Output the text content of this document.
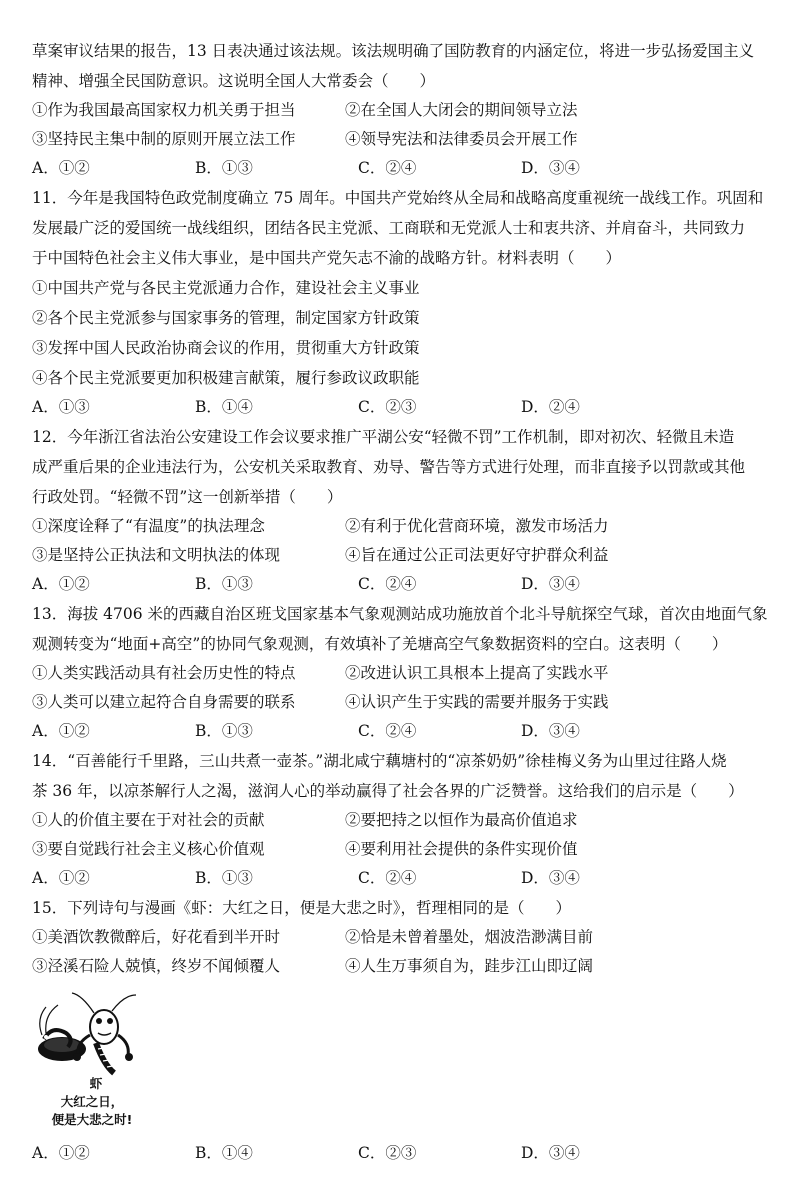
草案审议结果的报告，13 日表决通过该法规。该法规明确了国防教育的内涵定位，将进一步弘扬爱国主义

精神、增强全民国防意识。这说明全国人大常委会（　　）

①作为我国最高国家权力机关勇于担当	②在全国人大闭会的期间领导立法
③坚持民主集中制的原则开展立法工作	④领导宪法和法律委员会开展工作
A．①②	B．①③	C．②④	D．③④

11．今年是我国特色政党制度确立 75 周年。中国共产党始终从全局和战略高度重视统一战线工作。巩固和

发展最广泛的爱国统一战线组织，团结各民主党派、工商联和无党派人士和衷共济、并肩奋斗，共同致力

于中国特色社会主义伟大事业，是中国共产党矢志不渝的战略方针。材料表明（　　）

①中国共产党与各民主党派通力合作，建设社会主义事业

②各个民主党派参与国家事务的管理，制定国家方针政策

③发挥中国人民政治协商会议的作用，贯彻重大方针政策

④各个民主党派要更加积极建言献策，履行参政议政职能

A．①③	B．①④	C．②③	D．②④

12．今年浙江省法治公安建设工作会议要求推广平湖公安“轻微不罚”工作机制，即对初次、轻微且未造

成严重后果的企业违法行为，公安机关采取教育、劝导、警告等方式进行处理，而非直接予以罚款或其他

行政处罚。“轻微不罚”这一创新举措（　　）

①深度诠释了“有温度”的执法理念	②有利于优化营商环境，激发市场活力
③是坚持公正执法和文明执法的体现	④旨在通过公正司法更好守护群众利益
A．①②	B．①③	C．②④	D．③④

13．海拔 4706 米的西藏自治区班戈国家基本气象观测站成功施放首个北斗导航探空气球，首次由地面气象

观测转变为“地面+高空”的协同气象观测，有效填补了羌塘高空气象数据资料的空白。这表明（　　）

①人类实践活动具有社会历史性的特点	②改进认识工具根本上提高了实践水平
③人类可以建立起符合自身需要的联系	④认识产生于实践的需要并服务于实践
A．①②	B．①③	C．②④	D．③④

14．“百善能行千里路，三山共煮一壶茶。”湖北咸宁藕塘村的“凉茶奶奶”徐桂梅义务为山里过往路人烧

茶 36 年，以凉茶解行人之渴，滋润人心的举动赢得了社会各界的广泛赞誉。这给我们的启示是（　　）

①人的价值主要在于对社会的贡献	②要把持之以恒作为最高价值追求
③要自觉践行社会主义核心价值观	④要利用社会提供的条件实现价值
A．①②	B．①③	C．②④	D．③④

15．下列诗句与漫画《虾：大红之日，便是大悲之时》，哲理相同的是（　　）

①美酒饮教微醉后，好花看到半开时	②恰是未曾着墨处，烟波浩渺满目前
③泾溪石险人兢慎，终岁不闻倾覆人	④人生万事须自为，跬步江山即辽阔
虾
大红之日，
便是大悲之时!
A．①②	B．①④	C．②③	D．③④
